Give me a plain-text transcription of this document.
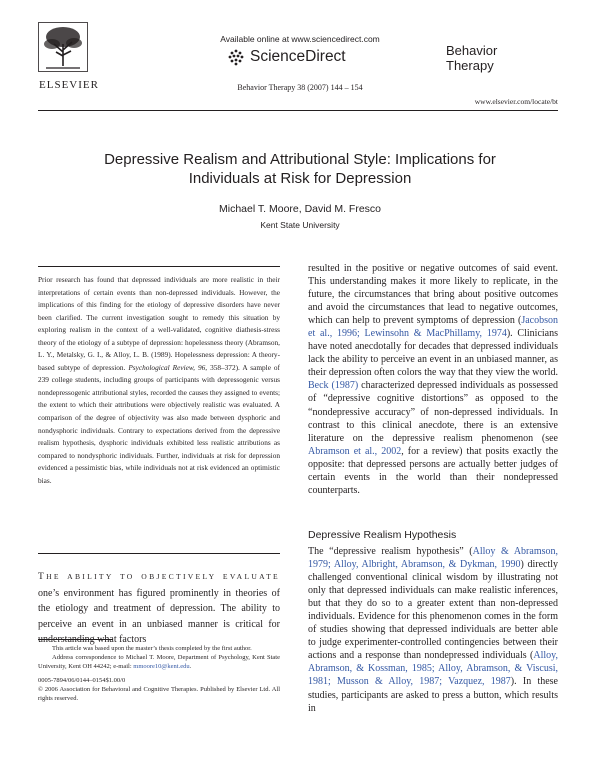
ELSEVIER
Available online at www.sciencedirect.com
ScienceDirect
Behavior Therapy 38 (2007) 144 – 154
Behavior
Therapy
www.elsevier.com/locate/bt
Depressive Realism and Attributional Style: Implications for
Individuals at Risk for Depression
Michael T. Moore, David M. Fresco
Kent State University
Prior research has found that depressed individuals are more realistic in their interpretations of certain events than non-depressed individuals. However, the implications of this finding for the etiology of depressive disorders have never been clarified. The current investigation sought to remedy this situation by exploring realism in the context of a well-validated, cognitive diathesis-stress theory of the etiology of a subtype of depression: hopelessness theory (Abramson, L. Y., Metalsky, G. I., & Alloy, L. B. (1989). Hopelessness depression: A theory-based subtype of depression. Psychological Review, 96, 358–372). A sample of 239 college students, including groups of participants with depressogenic versus nondepressogenic attributional styles, recorded the causes they assigned to events; the extent to which their attributions were objectively realistic was evaluated. A comparison of the degree of objectivity was also made between dysphoric and nondysphoric individuals. Contrary to expectations derived from the depressive realism hypothesis, dysphoric individuals exhibited less realistic attributions as compared to nondysphoric individuals. Further, individuals at risk for depression evidenced a pessimistic bias, while individuals not at risk evidenced an optimistic bias.
THE ABILITY TO OBJECTIVELY EVALUATE one’s environment has figured prominently in theories of the etiology and treatment of depression. The ability to perceive an event in an unbiased manner is critical for understanding what factors

This article was based upon the master’s thesis completed by the first author.

Address correspondence to Michael T. Moore, Department of Psychology, Kent State University, Kent OH 44242; e-mail: mmoore10@kent.edu.

0005-7894/06/0144–0154$1.00/0

© 2006 Association for Behavioral and Cognitive Therapies. Published by Elsevier Ltd. All rights reserved.

resulted in the positive or negative outcomes of said event. This understanding makes it more likely to replicate, in the future, the circumstances that bring about positive outcomes and avoid the circumstances that lead to negative outcomes, which can help to prevent symptoms of depression (Jacobson et al., 1996; Lewinsohn & MacPhillamy, 1974). Clinicians have noted anecdotally for decades that depressed individuals lack the ability to perceive an event in an unbiased manner, as their depression often colors the way that they view the world. Beck (1987) characterized depressed individuals as possessed of “depressive cognitive distortions” as opposed to the “nondepressive accuracy” of non-depressed individuals. In contrast to this clinical anecdote, there is an extensive literature on the depressive realism phenomenon (see Abramson et al., 2002, for a review) that posits exactly the opposite: that depressed persons are actually better judges of certain events in the world than their nondepressed counterparts.

Depressive Realism Hypothesis

The “depressive realism hypothesis” (Alloy & Abramson, 1979; Alloy, Albright, Abramson, & Dykman, 1990) directly challenged conventional clinical wisdom by illustrating not only that depressed individuals can make realistic inferences, but that they do so to a greater extent than non-depressed individuals. Evidence for this phenomenon comes in the form of studies showing that depressed individuals are better able to judge experimenter-controlled contingencies between their actions and a response than nondepressed individuals (Alloy, Abramson, & Kossman, 1985; Alloy, Abramson, & Viscusi, 1981; Musson & Alloy, 1987; Vazquez, 1987). In these studies, participants are asked to press a button, which results in
